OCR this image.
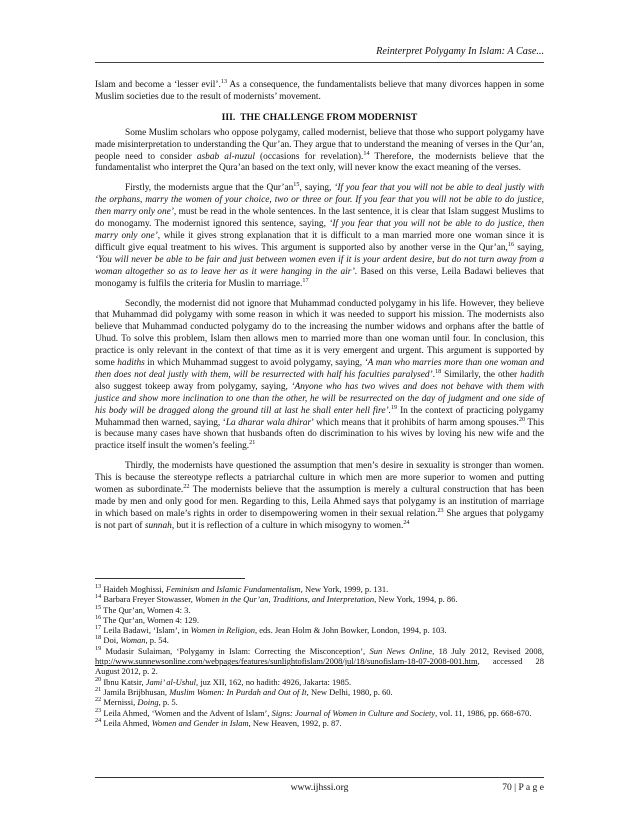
Reinterpret Polygamy In Islam: A Case...

Islam and become a ‘lesser evil’.$^{13}$ As a consequence, the fundamentalists believe that many divorces happen in some Muslim societies due to the result of modernists’ movement.

III. THE CHALLENGE FROM MODERNIST

Some Muslim scholars who oppose polygamy, called modernist, believe that those who support polygamy have made misinterpretation to understanding the Qur’an. They argue that to understand the meaning of verses in the Qur’an, people need to consider asbab al-nuzul (occasions for revelation).$^{14}$ Therefore, the modernists believe that the fundamentalist who interpret the Qura’an based on the text only, will never know the exact meaning of the verses.

Firstly, the modernists argue that the $Qur’an^{15}$, saying, ‘If you fear that you will not be able to deal justly with the orphans, marry the women of your choice, two or three or four. If you fear that you will not be able to do justice, then marry only one’, must be read in the whole sentences. In the last sentence, it is clear that Islam suggest Muslims to do monogamy. The modernist ignored this sentence, saying, ‘If you fear that you will not be able to do justice, then marry only one’, while it gives strong explanation that it is difficult to a man married more one woman since it is difficult give equal treatment to his wives. This argument is supported also by another verse in the Qur’an,$^{16}$ saying, ‘You will never be able to be fair and just between women even if it is your ardent desire, but do not turn away from a woman altogether so as to leave her as it were hanging in the air’. Based on this verse, Leila Badawi believes that monogamy is fulfils the criteria for Muslin to marriage.$^{17}$

Secondly, the modernist did not ignore that Muhammad conducted polygamy in his life. However, they believe that Muhammad did polygamy with some reason in which it was needed to support his mission. The modernists also believe that Muhammad conducted polygamy do to the increasing the number widows and orphans after the battle of Uhud. To solve this problem, Islam then allows men to married more than one woman until four. In conclusion, this practice is only relevant in the context of that time as it is very emergent and urgent. This argument is supported by some hadiths in which Muhammad suggest to avoid polygamy, saying, ‘A man who marries more than one woman and then does not deal justly with them, will be resurrected with half his faculties paralysed’.$^{18}$ Similarly, the other hadith also suggest tokeep away from polygamy, saying, ‘Anyone who has two wives and does not behave with them with justice and show more inclination to one than the other, he will be resurrected on the day of judgment and one side of his body will be dragged along the ground till at last he shall enter hell fire’.$^{19}$ In the context of practicing polygamy Muhammad then warned, saying, ‘La dharar wala dhirar’ which means that it prohibits of harm among spouses.$^{20}$ This is because many cases have shown that husbands often do discrimination to his wives by loving his new wife and the practice itself insult the women’s feeling.$^{21}$

Thirdly, the modernists have questioned the assumption that men’s desire in sexuality is stronger than women. This is because the stereotype reflects a patriarchal culture in which men are more superior to women and putting women as subordinate.$^{22}$ The modernists believe that the assumption is merely a cultural construction that has been made by men and only good for men. Regarding to this, Leila Ahmed says that polygamy is an institution of marriage in which based on male’s rights in order to disempowering women in their sexual relation.$^{23}$ She argues that polygamy is not part of sunnah, but it is reflection of a culture in which misogyny to women.$^{24}$

$^{13}$ Haideh Moghissi, Feminism and Islamic Fundamentalism, New York, 1999, p. 131.

$^{14}$ Barbara Freyer Stowasser, Women in the Qur’an, Traditions, and Interpretation, New York, 1994, p. 86.

$^{15}$ The Qur’an, Women 4: 3.

$^{16}$ The Qur’an, Women 4: 129.

$^{17}$ Leila Badawi, ‘Islam’, in Women in Religion, eds. Jean Holm & John Bowker, London, 1994, p. 103.

$^{18}$ Doi, Woman, p. 54.

$^{19}$ Mudasir Sulaiman, ‘Polygamy in Islam: Correcting the Misconception’, Sun News Online, 18 July 2012, Revised 2008, http://www.sunnewsonline.com/webpages/features/sunlightofislam/2008/jul/18/sunofislam-18-07-2008-001.htm, accessed 28 August 2012, p. 2.

$^{20}$ Ibnu Katsir, Jami’ al-Ushul, juz XII, 162, no hadith: 4926, Jakarta: 1985.

$^{21}$ Jamila Brijbhusan, Muslim Women: In Purdah and Out of It, New Delhi, 1980, p. 60.

$^{22}$ Mernissi, Doing, p. 5.

$^{23}$ Leila Ahmed, ‘Women and the Advent of Islam’, Signs: Journal of Women in Culture and Society, vol. 11, 1986, pp. 668-670.

$^{24}$ Leila Ahmed, Women and Gender in Islam, New Heaven, 1992, p. 87.

www.ijhssi.org	70 | P a g e
